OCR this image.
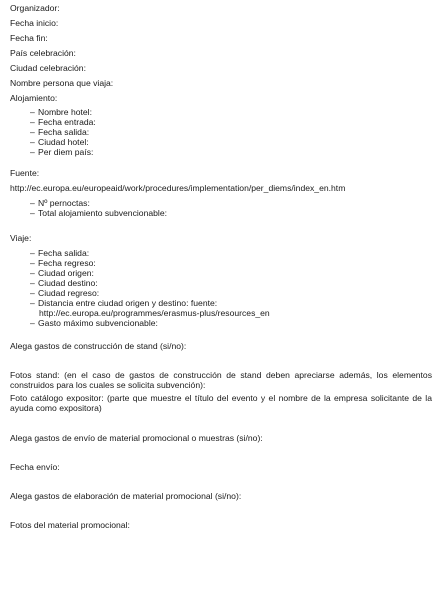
Organizador:
Fecha inicio:
Fecha fin:
País celebración:
Ciudad celebración:
Nombre persona que viaja:
Alojamiento:
– Nombre hotel:
– Fecha entrada:
– Fecha salida:
– Ciudad hotel:
– Per diem país:
Fuente:
http://ec.europa.eu/europeaid/work/procedures/implementation/per_diems/index_en.htm
– Nº pernoctas:
– Total alojamiento subvencionable:
Viaje:
– Fecha salida:
– Fecha regreso:
– Ciudad origen:
– Ciudad destino:
– Ciudad regreso:
– Distancia entre ciudad origen y destino: fuente:
http://ec.europa.eu/programmes/erasmus-plus/resources_en
– Gasto máximo subvencionable:
Alega gastos de construcción de stand (si/no):
Fotos stand: (en el caso de gastos de construcción de stand deben apreciarse además, los elementos construidos para los cuales se solicita subvención):
Foto catálogo expositor: (parte que muestre el título del evento y el nombre de la empresa solicitante de la ayuda como expositora)
Alega gastos de envío de material promocional o muestras (si/no):
Fecha envío:
Alega gastos de elaboración de material promocional (si/no):
Fotos del material promocional:
